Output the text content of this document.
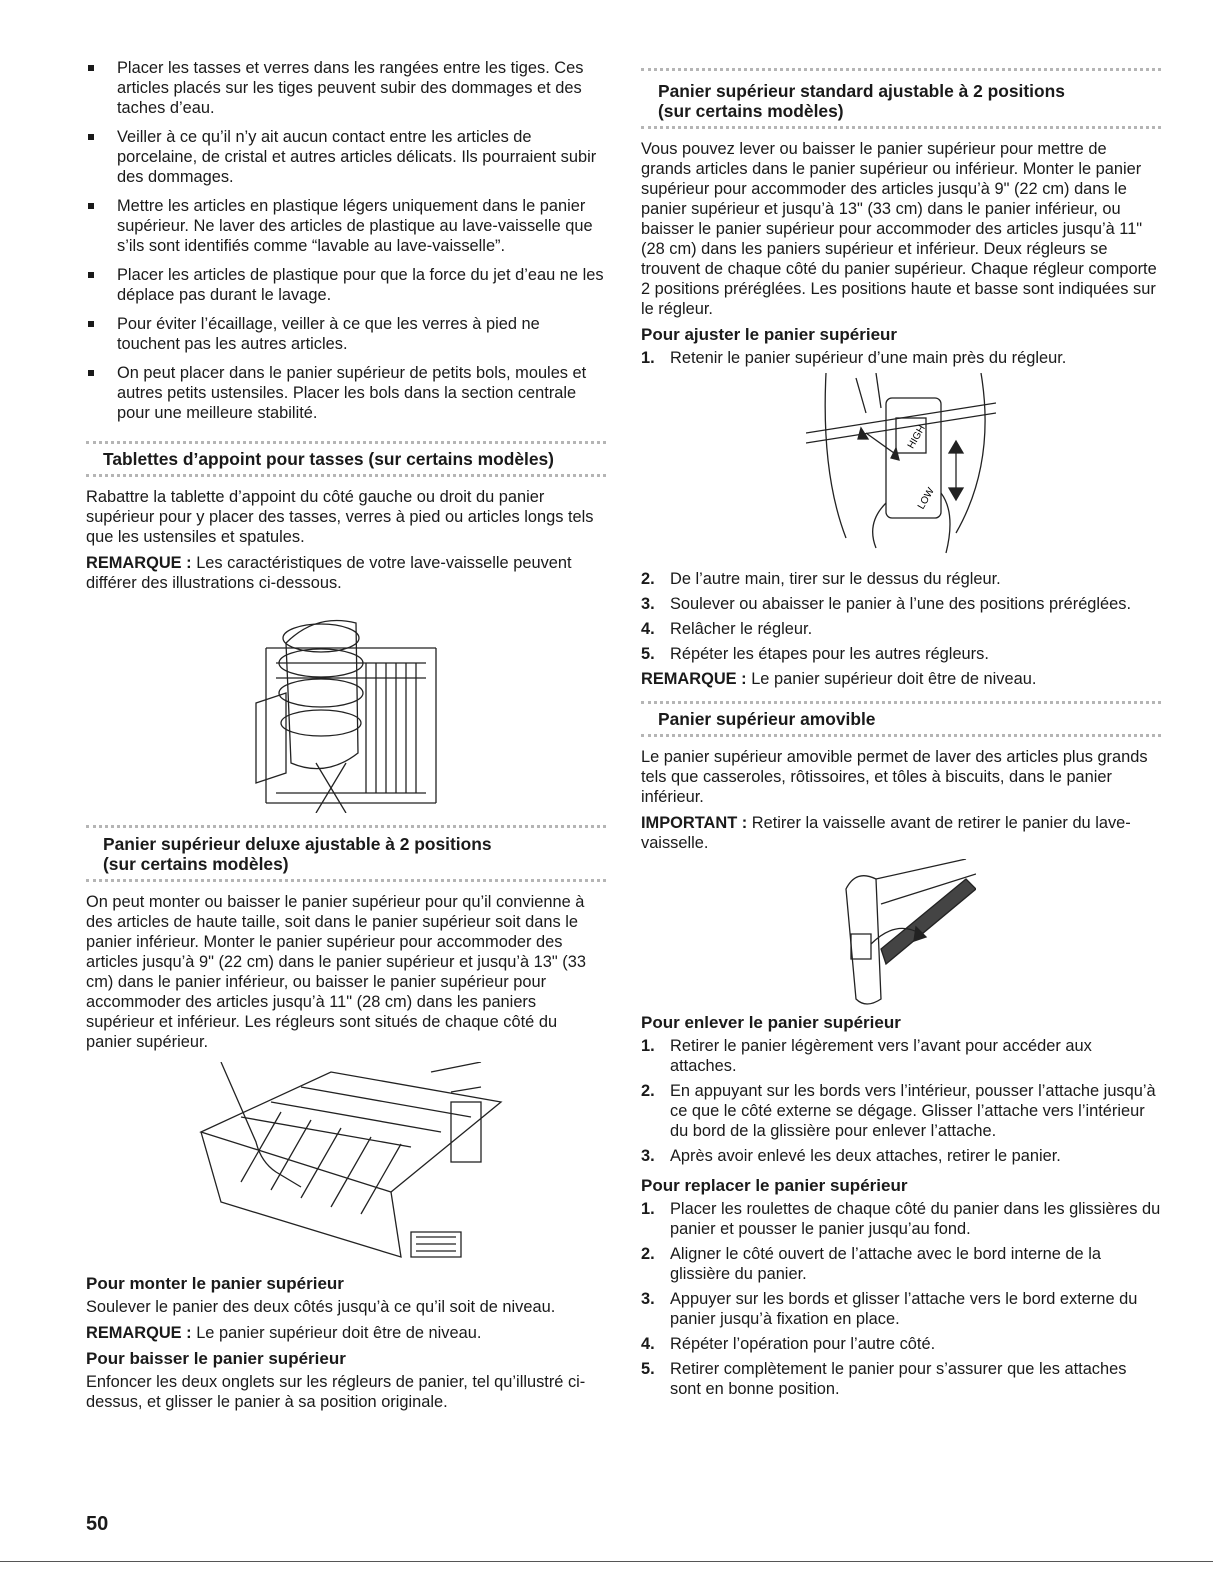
Placer les tasses et verres dans les rangées entre les tiges. Ces articles placés sur les tiges peuvent subir des dommages et des taches d’eau.
Veiller à ce qu’il n’y ait aucun contact entre les articles de porcelaine, de cristal et autres articles délicats. Ils pourraient subir des dommages.
Mettre les articles en plastique légers uniquement dans le panier supérieur. Ne laver des articles de plastique au lave-vaisselle que s’ils sont identifiés comme “lavable au lave-vaisselle”.
Placer les articles de plastique pour que la force du jet d’eau ne les déplace pas durant le lavage.
Pour éviter l’écaillage, veiller à ce que les verres à pied ne touchent pas les autres articles.
On peut placer dans le panier supérieur de petits bols, moules et autres petits ustensiles. Placer les bols dans la section centrale pour une meilleure stabilité.
Tablettes d’appoint pour tasses (sur certains modèles)

Rabattre la tablette d’appoint du côté gauche ou droit du panier supérieur pour y placer des tasses, verres à pied ou articles longs tels que les ustensiles et spatules.

REMARQUE : Les caractéristiques de votre lave-vaisselle peuvent différer des illustrations ci-dessous.

Panier supérieur deluxe ajustable à 2 positions
(sur certains modèles)

On peut monter ou baisser le panier supérieur pour qu’il convienne à des articles de haute taille, soit dans le panier supérieur soit dans le panier inférieur. Monter le panier supérieur pour accommoder des articles jusqu’à 9" (22 cm) dans le panier supérieur et jusqu’à 13" (33 cm) dans le panier inférieur, ou baisser le panier supérieur pour accommoder des articles jusqu’à 11" (28 cm) dans les paniers supérieur et inférieur. Les régleurs sont situés de chaque côté du panier supérieur.

Pour monter le panier supérieur

Soulever le panier des deux côtés jusqu’à ce qu’il soit de niveau.

REMARQUE : Le panier supérieur doit être de niveau.

Pour baisser le panier supérieur

Enfoncer les deux onglets sur les régleurs de panier, tel qu’illustré ci-dessus, et glisser le panier à sa position originale.

Panier supérieur standard ajustable à 2 positions
(sur certains modèles)

Vous pouvez lever ou baisser le panier supérieur pour mettre de grands articles dans le panier supérieur ou inférieur. Monter le panier supérieur pour accommoder des articles jusqu’à 9" (22 cm) dans le panier supérieur et jusqu’à 13" (33 cm) dans le panier inférieur, ou baisser le panier supérieur pour accommoder des articles jusqu’à 11" (28 cm) dans les paniers supérieur et inférieur. Deux régleurs se trouvent de chaque côté du panier supérieur. Chaque régleur comporte 2 positions préréglées. Les positions haute et basse sont indiquées sur le régleur.

Pour ajuster le panier supérieur
1. Retenir le panier supérieur d’une main près du régleur.
HIGH
LOW
2. De l’autre main, tirer sur le dessus du régleur.
3. Soulever ou abaisser le panier à l’une des positions préréglées.
4. Relâcher le régleur.
5. Répéter les étapes pour les autres régleurs.

REMARQUE : Le panier supérieur doit être de niveau.

Panier supérieur amovible

Le panier supérieur amovible permet de laver des articles plus grands tels que casseroles, rôtissoires, et tôles à biscuits, dans le panier inférieur.

IMPORTANT : Retirer la vaisselle avant de retirer le panier du lave-vaisselle.

Pour enlever le panier supérieur
1. Retirer le panier légèrement vers l’avant pour accéder aux attaches.
2. En appuyant sur les bords vers l’intérieur, pousser l’attache jusqu’à ce que le côté externe se dégage. Glisser l’attache vers l’intérieur du bord de la glissière pour enlever l’attache.
3. Après avoir enlevé les deux attaches, retirer le panier.
Pour replacer le panier supérieur
1. Placer les roulettes de chaque côté du panier dans les glissières du panier et pousser le panier jusqu’au fond.
2. Aligner le côté ouvert de l’attache avec le bord interne de la glissière du panier.
3. Appuyer sur les bords et glisser l’attache vers le bord externe du panier jusqu’à fixation en place.
4. Répéter l’opération pour l’autre côté.
5. Retirer complètement le panier pour s’assurer que les attaches sont en bonne position.
50
